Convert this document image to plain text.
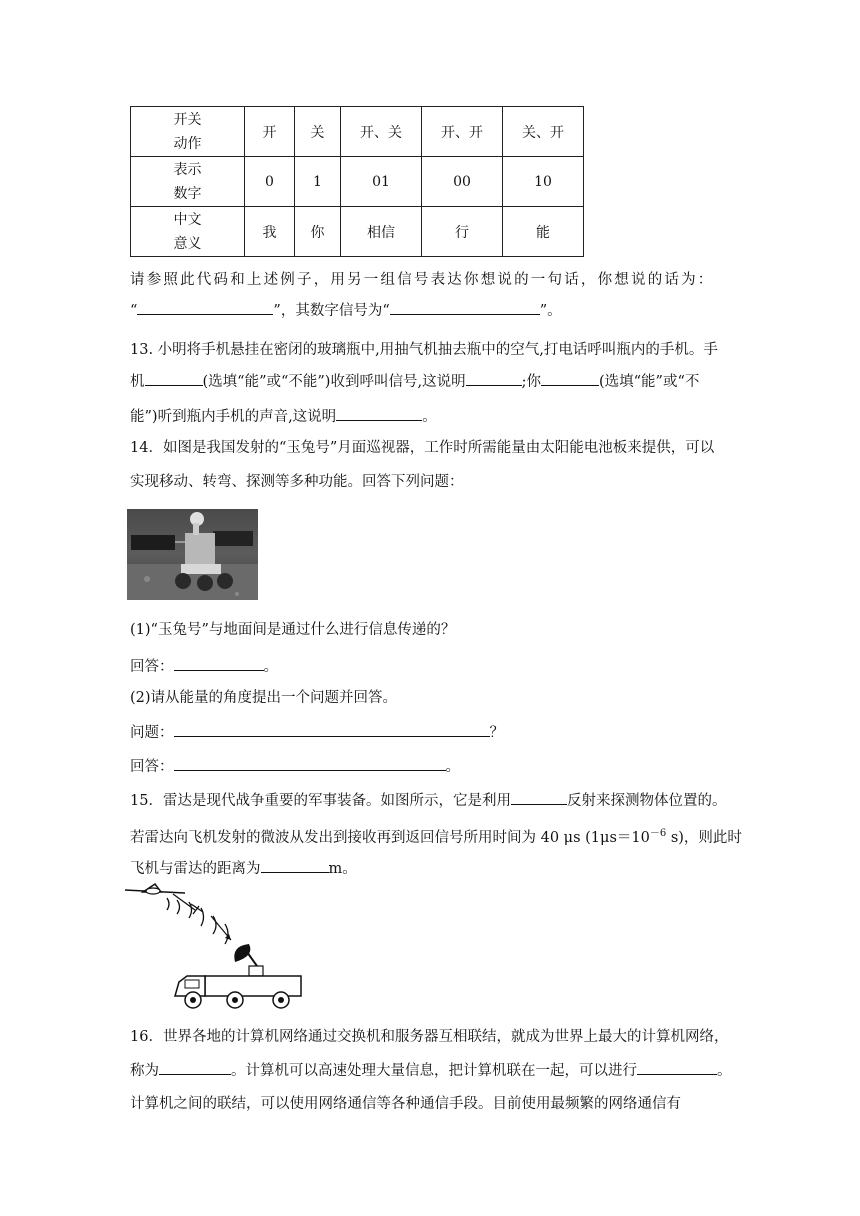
开关
动作	开	关	开、关	开、开	关、开
表示
数字	0	1	01	00	10
中文
意义	我	你	相信	行	能
请参照此代码和上述例子，用另一组信号表达你想说的一句话，你想说的话为：
“	”，其数字信号为“	”。
13. 小明将手机悬挂在密闭的玻璃瓶中,用抽气机抽去瓶中的空气,打电话呼叫瓶内的手机。手
机	(选填“能”或“不能”)收到呼叫信号,这说明	;你	(选填“能”或“不
能”)听到瓶内手机的声音,这说明	。
14．如图是我国发射的“玉兔号”月面巡视器，工作时所需能量由太阳能电池板来提供，可以
实现移动、转弯、探测等多种功能。回答下列问题：
(1)“玉兔号”与地面间是通过什么进行信息传递的？
回答：	。
(2)请从能量的角度提出一个问题并回答。
问题：	？
回答：	。
15．雷达是现代战争重要的军事装备。如图所示，它是利用	反射来探测物体位置的。
若雷达向飞机发射的微波从发出到接收再到返回信号所用时间为 40 μs ($1\mu s=10^{-6}$ s)，则此时
飞机与雷达的距离为	m。
16．世界各地的计算机网络通过交换机和服务器互相联结，就成为世界上最大的计算机网络，
称为	。计算机可以高速处理大量信息，把计算机联在一起，可以进行	。
计算机之间的联结，可以使用网络通信等各种通信手段。目前使用最频繁的网络通信有
